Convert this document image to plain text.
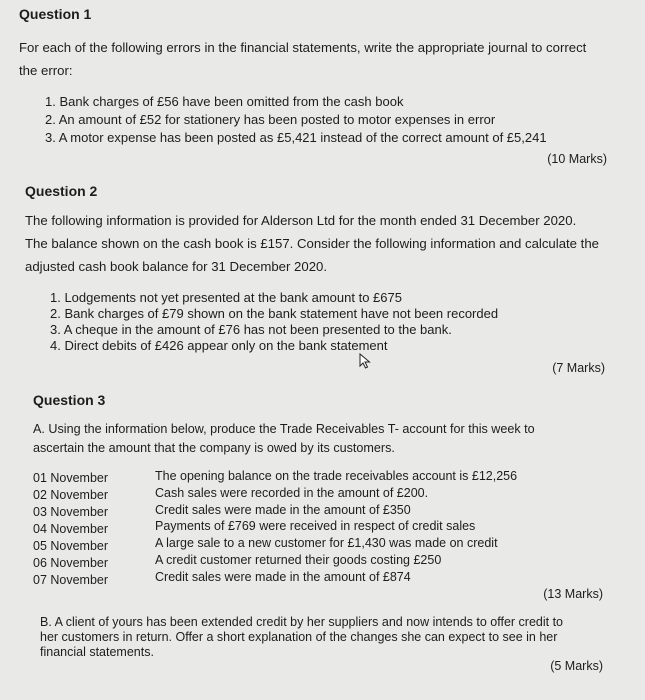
Question 1
For each of the following errors in the financial statements, write the appropriate journal to correct
the error:
1. Bank charges of £56 have been omitted from the cash book
2. An amount of £52 for stationery has been posted to motor expenses in error
3. A motor expense has been posted as £5,421 instead of the correct amount of £5,241
(10 Marks)
Question 2
The following information is provided for Alderson Ltd for the month ended 31 December 2020.
The balance shown on the cash book is £157. Consider the following information and calculate the
adjusted cash book balance for 31 December 2020.
1. Lodgements not yet presented at the bank amount to £675
2. Bank charges of £79 shown on the bank statement have not been recorded
3. A cheque in the amount of £76 has not been presented to the bank.
4. Direct debits of £426 appear only on the bank statement
(7 Marks)
Question 3
A. Using the information below, produce the Trade Receivables T- account for this week to
ascertain the amount that the company is owed by its customers.
01 November	The opening balance on the trade receivables account is £12,256
02 November	Cash sales were recorded in the amount of £200.
03 November	Credit sales were made in the amount of £350
04 November	Payments of £769 were received in respect of credit sales
05 November	A large sale to a new customer for £1,430 was made on credit
06 November	A credit customer returned their goods costing £250
07 November	Credit sales were made in the amount of £874
(13 Marks)
B. A client of yours has been extended credit by her suppliers and now intends to offer credit to
her customers in return. Offer a short explanation of the changes she can expect to see in her
financial statements.
(5 Marks)
